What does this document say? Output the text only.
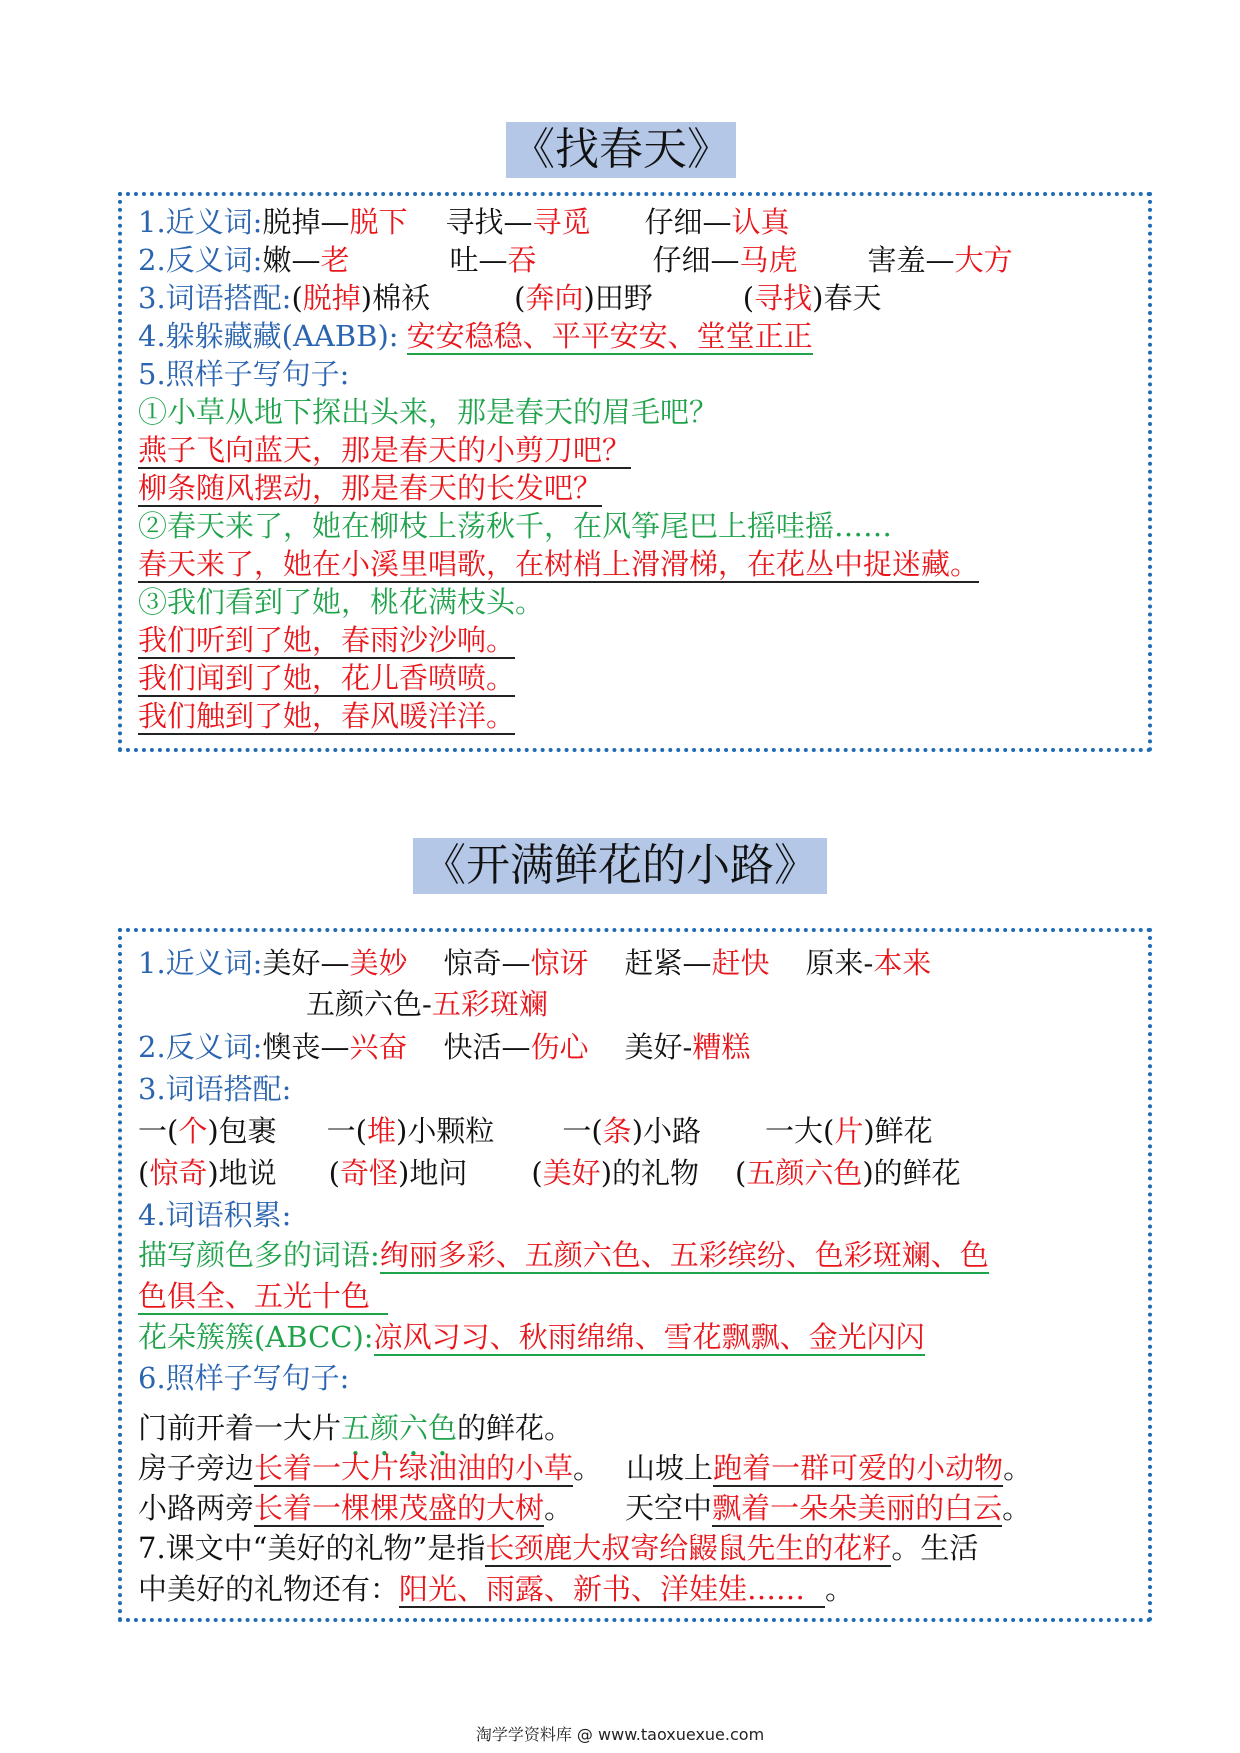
《找春天》
1.近义词:脱掉—脱下 寻找—寻觅 仔细—认真
2.反义词:嫩—老	吐—吞	仔细—马虎 害羞—大方
3.词语搭配:(脱掉)棉袄	(奔向)田野	(寻找)春天
4.躲躲藏藏(AABB): 安安稳稳、平平安安、堂堂正正
5.照样子写句子:
①小草从地下探出头来，那是春天的眉毛吧？
燕子飞向蓝天，那是春天的小剪刀吧？
柳条随风摆动，那是春天的长发吧？
②春天来了，她在柳枝上荡秋千，在风筝尾巴上摇哇摇……
春天来了，她在小溪里唱歌，在树梢上滑滑梯，在花丛中捉迷藏。
③我们看到了她，桃花满枝头。
我们听到了她，春雨沙沙响。
我们闻到了她，花儿香喷喷。
我们触到了她，春风暖洋洋。
《开满鲜花的小路》
1.近义词:美好—美妙 惊奇—惊讶 赶紧—赶快 原来-本来
五颜六色-五彩斑斓
2.反义词:懊丧—兴奋 快活—伤心 美好-糟糕
3.词语搭配:
一(个)包裹 一(堆)小颗粒 一(条)小路 一大(片)鲜花
(惊奇)地说 (奇怪)地问 (美好)的礼物 (五颜六色)的鲜花
4.词语积累:
描写颜色多的词语:绚丽多彩、五颜六色、五彩缤纷、色彩斑斓、色
色俱全、五光十色
花朵簇簇(ABCC):凉风习习、秋雨绵绵、雪花飘飘、金光闪闪
6.照样子写句子:
门前开着一大片五颜六色的鲜花。
房子旁边长着一大片绿油油的小草。 山坡上跑着一群可爱的小动物。
小路两旁长着一棵棵茂盛的大树。 天空中飘着一朵朵美丽的白云。
7.课文中“美好的礼物”是指长颈鹿大叔寄给鼹鼠先生的花籽。生活
中美好的礼物还有：阳光、雨露、新书、洋娃娃…… 。
淘学学资料库 @ www.taoxuexue.com
